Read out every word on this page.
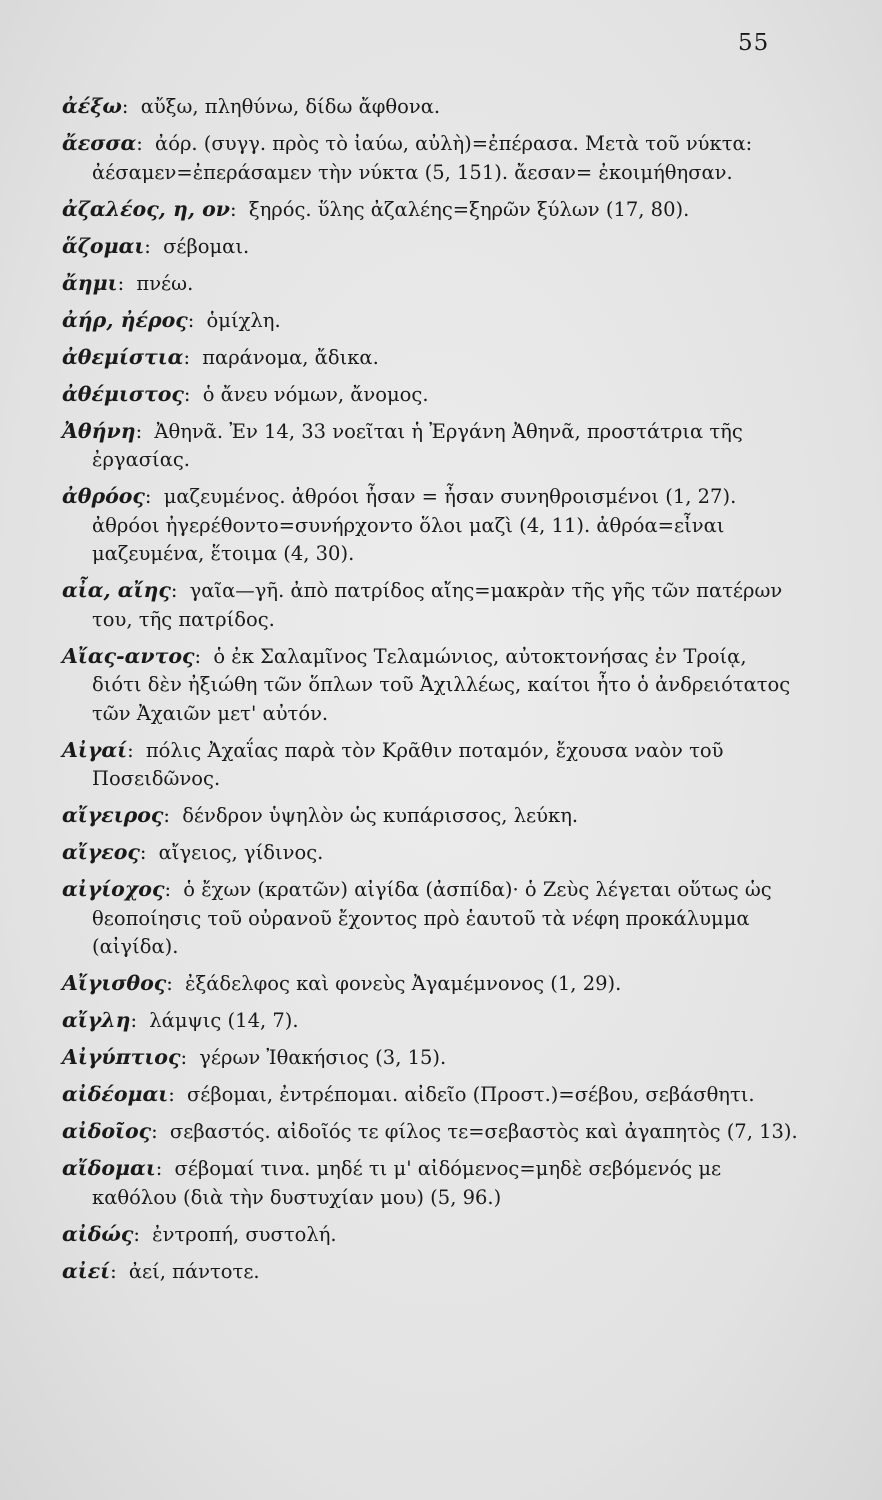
55
ἀέξω: αὔξω, πληθύνω, δίδω ἄφθονα.
ἄεσσα: ἀόρ. (συγγ. πρὸς τὸ ἰαύω, αὐλὴ)=ἐπέρασα. Μετὰ τοῦ νύκτα: ἀέσαμεν=ἐπεράσαμεν τὴν νύκτα (5, 151). ἄεσαν= ἐκοιμήθησαν.
ἀζαλέος, η, ον: ξηρός. ὕλης ἀζαλέης=ξηρῶν ξύλων (17, 80).
ἅζομαι: σέβομαι.
ἄημι: πνέω.
ἀήρ, ἠέρος: ὁμίχλη.
ἀθεμίστια: παράνομα, ἄδικα.
ἀθέμιστος: ὁ ἄνευ νόμων, ἄνομος.
Ἀθήνη: Ἀθηνᾶ. Ἐν 14, 33 νοεῖται ἡ Ἐργάνη Ἀθηνᾶ, προστάτρια τῆς ἐργασίας.
ἀθρόος: μαζευμένος. ἀθρόοι ἦσαν = ἦσαν συνηθροισμένοι (1, 27). ἀθρόοι ἠγερέθοντο=συνήρχοντο ὅλοι μαζὶ (4, 11). ἀθρόα=εἶναι μαζευμένα, ἕτοιμα (4, 30).
αἶα, αἴης: γαῖα—γῆ. ἀπὸ πατρίδος αἴης=μακρὰν τῆς γῆς τῶν πατέρων του, τῆς πατρίδος.
Αἴας-αντος: ὁ ἐκ Σαλαμῖνος Τελαμώνιος, αὐτοκτονήσας ἐν Τροίᾳ, διότι δὲν ἠξιώθη τῶν ὅπλων τοῦ Ἀχιλλέως, καίτοι ἦτο ὁ ἀνδρειότατος τῶν Ἀχαιῶν μετ' αὐτόν.
Αἰγαί: πόλις Ἀχαΐας παρὰ τὸν Κρᾶθιν ποταμόν, ἔχουσα ναὸν τοῦ Ποσειδῶνος.
αἴγειρος: δένδρον ὑψηλὸν ὡς κυπάρισσος, λεύκη.
αἴγεος: αἴγειος, γίδινος.
αἰγίοχος: ὁ ἔχων (κρατῶν) αἰγίδα (ἀσπίδα)· ὁ Ζεὺς λέγεται οὕτως ὡς θεοποίησις τοῦ οὐρανοῦ ἔχοντος πρὸ ἑαυτοῦ τὰ νέφη προκάλυμμα (αἰγίδα).
Αἴγισθος: ἐξάδελφος καὶ φονεὺς Ἀγαμέμνονος (1, 29).
αἴγλη: λάμψις (14, 7).
Αἰγύπτιος: γέρων Ἰθακήσιος (3, 15).
αἰδέομαι: σέβομαι, ἐντρέπομαι. αἰδεῖο (Προστ.)=σέβου, σεβάσθητι.
αἰδοῖος: σεβαστός. αἰδοῖός τε φίλος τε=σεβαστὸς καὶ ἀγαπητὸς (7, 13).
αἴδομαι: σέβομαί τινα. μηδέ τι μ' αἰδόμενος=μηδὲ σεβόμενός με καθόλου (διὰ τὴν δυστυχίαν μου) (5, 96.)
αἰδώς: ἐντροπή, συστολή.
αἰεί: ἀεί, πάντοτε.
